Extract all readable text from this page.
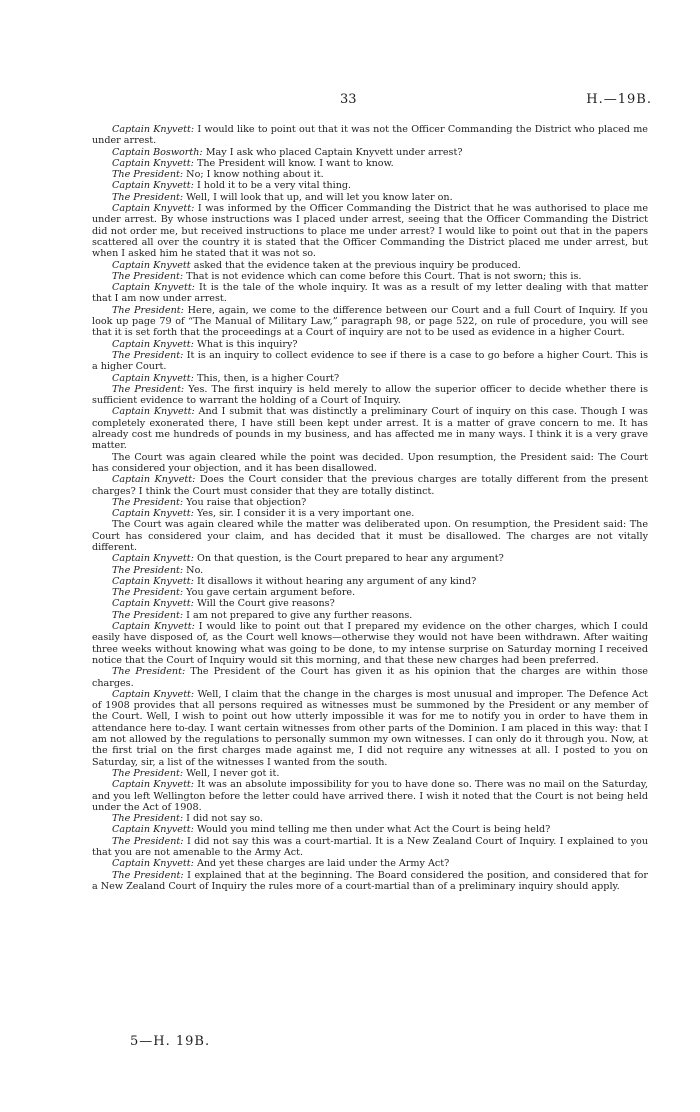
33	H.—19B.

Captain Knyvett: I would like to point out that it was not the Officer Commanding the District who placed me under arrest.

Captain Bosworth: May I ask who placed Captain Knyvett under arrest?

Captain Knyvett: The President will know. I want to know.

The President: No; I know nothing about it.

Captain Knyvett: I hold it to be a very vital thing.

The President: Well, I will look that up, and will let you know later on.

Captain Knyvett: I was informed by the Officer Commanding the District that he was authorised to place me under arrest. By whose instructions was I placed under arrest, seeing that the Officer Commanding the District did not order me, but received instructions to place me under arrest? I would like to point out that in the papers scattered all over the country it is stated that the Officer Commanding the District placed me under arrest, but when I asked him he stated that it was not so.

Captain Knyvett asked that the evidence taken at the previous inquiry be produced.

The President: That is not evidence which can come before this Court. That is not sworn; this is.

Captain Knyvett: It is the tale of the whole inquiry. It was as a result of my letter dealing with that matter that I am now under arrest.

The President: Here, again, we come to the difference between our Court and a full Court of Inquiry. If you look up page 79 of “The Manual of Military Law,” paragraph 98, or page 522, on rule of procedure, you will see that it is set forth that the proceedings at a Court of inquiry are not to be used as evidence in a higher Court.

Captain Knyvett: What is this inquiry?

The President: It is an inquiry to collect evidence to see if there is a case to go before a higher Court. This is a higher Court.

Captain Knyvett: This, then, is a higher Court?

The President: Yes. The first inquiry is held merely to allow the superior officer to decide whether there is sufficient evidence to warrant the holding of a Court of Inquiry.

Captain Knyvett: And I submit that was distinctly a preliminary Court of inquiry on this case. Though I was completely exonerated there, I have still been kept under arrest. It is a matter of grave concern to me. It has already cost me hundreds of pounds in my business, and has affected me in many ways. I think it is a very grave matter.

The Court was again cleared while the point was decided. Upon resumption, the President said: The Court has considered your objection, and it has been disallowed.

Captain Knyvett: Does the Court consider that the previous charges are totally different from the present charges? I think the Court must consider that they are totally distinct.

The President: You raise that objection?

Captain Knyvett: Yes, sir. I consider it is a very important one.

The Court was again cleared while the matter was deliberated upon. On resumption, the President said: The Court has considered your claim, and has decided that it must be disallowed. The charges are not vitally different.

Captain Knyvett: On that question, is the Court prepared to hear any argument?

The President: No.

Captain Knyvett: It disallows it without hearing any argument of any kind?

The President: You gave certain argument before.

Captain Knyvett: Will the Court give reasons?

The President: I am not prepared to give any further reasons.

Captain Knyvett: I would like to point out that I prepared my evidence on the other charges, which I could easily have disposed of, as the Court well knows—otherwise they would not have been withdrawn. After waiting three weeks without knowing what was going to be done, to my intense surprise on Saturday morning I received notice that the Court of Inquiry would sit this morning, and that these new charges had been preferred.

The President: The President of the Court has given it as his opinion that the charges are within those charges.

Captain Knyvett: Well, I claim that the change in the charges is most unusual and improper. The Defence Act of 1908 provides that all persons required as witnesses must be summoned by the President or any member of the Court. Well, I wish to point out how utterly impossible it was for me to notify you in order to have them in attendance here to-day. I want certain witnesses from other parts of the Dominion. I am placed in this way: that I am not allowed by the regulations to personally summon my own witnesses. I can only do it through you. Now, at the first trial on the first charges made against me, I did not require any witnesses at all. I posted to you on Saturday, sir, a list of the witnesses I wanted from the south.

The President: Well, I never got it.

Captain Knyvett: It was an absolute impossibility for you to have done so. There was no mail on the Saturday, and you left Wellington before the letter could have arrived there. I wish it noted that the Court is not being held under the Act of 1908.

The President: I did not say so.

Captain Knyvett: Would you mind telling me then under what Act the Court is being held?

The President: I did not say this was a court-martial. It is a New Zealand Court of Inquiry. I explained to you that you are not amenable to the Army Act.

Captain Knyvett: And yet these charges are laid under the Army Act?

The President: I explained that at the beginning. The Board considered the position, and considered that for a New Zealand Court of Inquiry the rules more of a court-martial than of a preliminary inquiry should apply.

5—H. 19B.
